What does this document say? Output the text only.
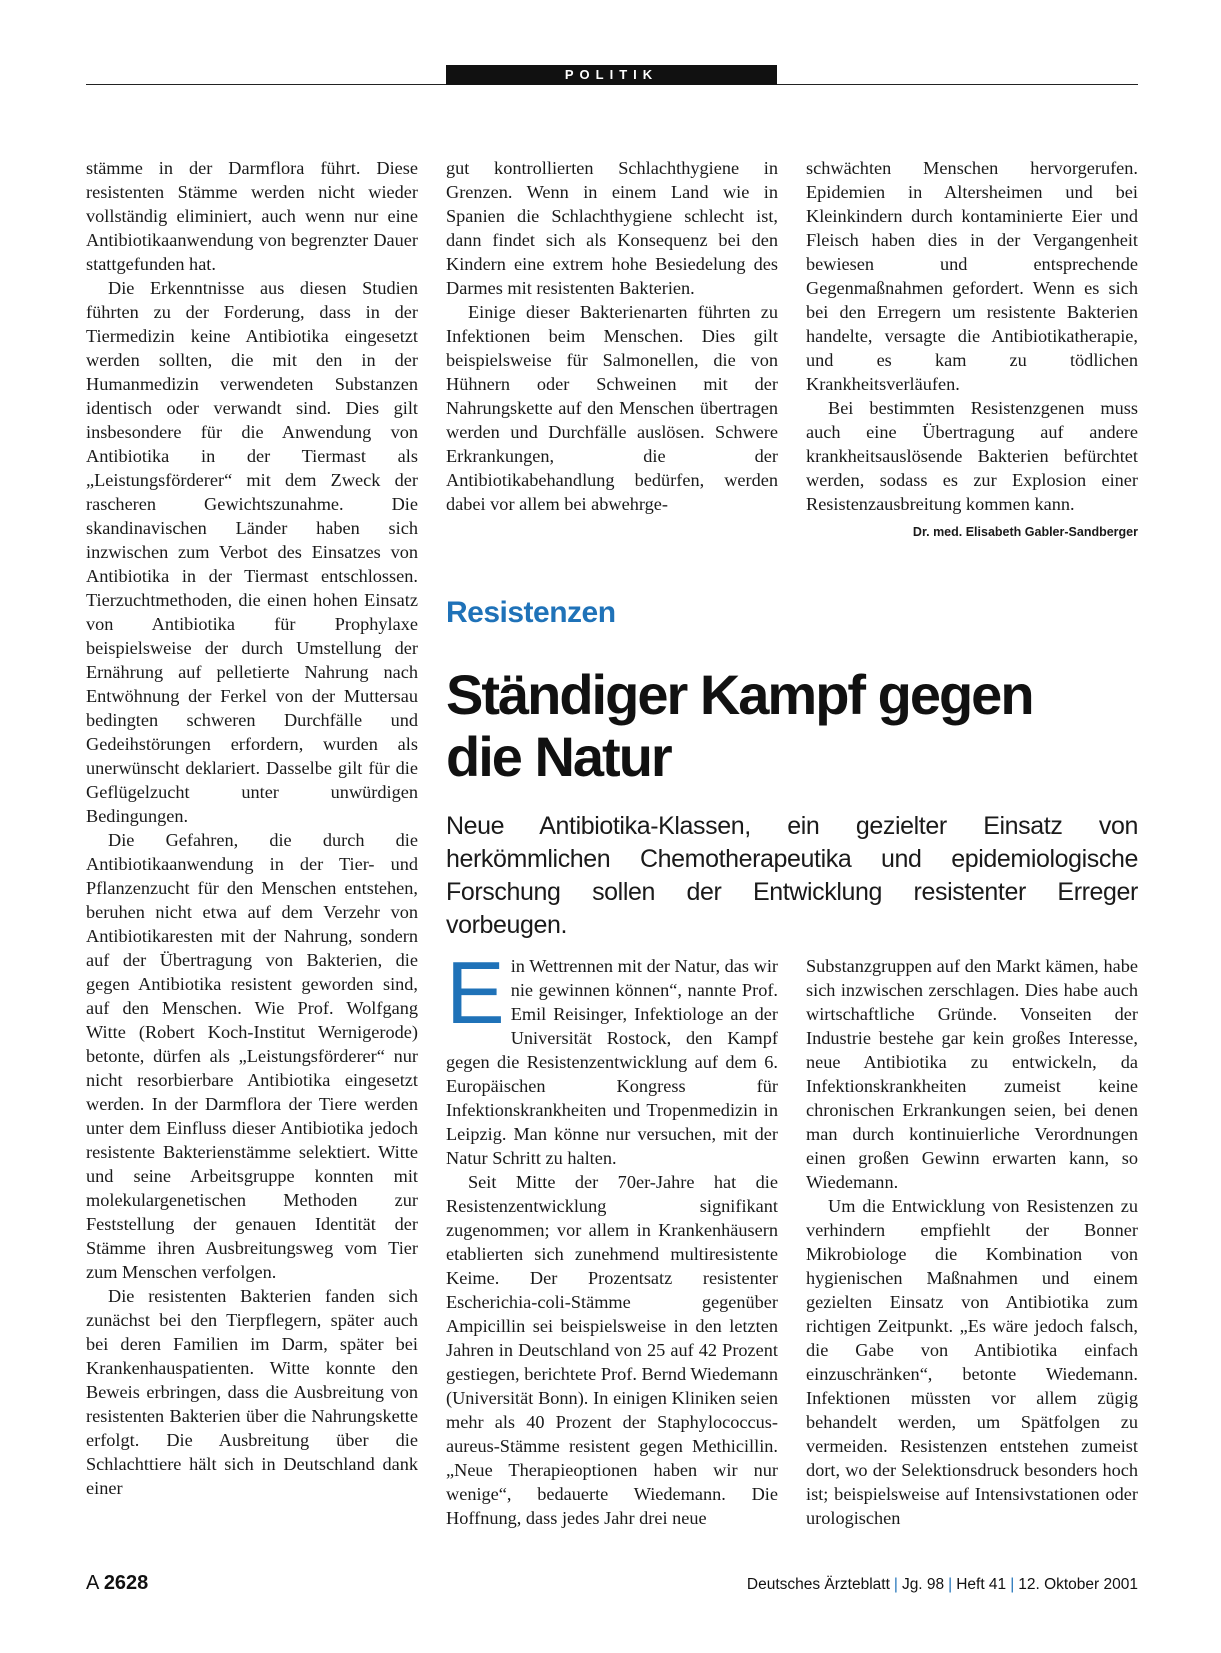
POLITIK

stämme in der Darmflora führt. Diese resistenten Stämme werden nicht wieder vollständig eliminiert, auch wenn nur eine Antibiotikaanwendung von begrenzter Dauer stattgefunden hat.

Die Erkenntnisse aus diesen Studien führten zu der Forderung, dass in der Tiermedizin keine Antibiotika eingesetzt werden sollten, die mit den in der Humanmedizin verwendeten Substanzen identisch oder verwandt sind. Dies gilt insbesondere für die Anwendung von Antibiotika in der Tiermast als „Leistungsförderer“ mit dem Zweck der rascheren Gewichtszunahme. Die skandinavischen Länder haben sich inzwischen zum Verbot des Einsatzes von Antibiotika in der Tiermast entschlossen. Tierzuchtmethoden, die einen hohen Einsatz von Antibiotika für Prophylaxe beispielsweise der durch Umstellung der Ernährung auf pelletierte Nahrung nach Entwöhnung der Ferkel von der Muttersau bedingten schweren Durchfälle und Gedeihstörungen erfordern, wurden als unerwünscht deklariert. Dasselbe gilt für die Geflügelzucht unter unwürdigen Bedingungen.

Die Gefahren, die durch die Antibiotikaanwendung in der Tier- und Pflanzenzucht für den Menschen entstehen, beruhen nicht etwa auf dem Verzehr von Antibiotikaresten mit der Nahrung, sondern auf der Übertragung von Bakterien, die gegen Antibiotika resistent geworden sind, auf den Menschen. Wie Prof. Wolfgang Witte (Robert Koch-Institut Wernigerode) betonte, dürfen als „Leistungsförderer“ nur nicht resorbierbare Antibiotika eingesetzt werden. In der Darmflora der Tiere werden unter dem Einfluss dieser Antibiotika jedoch resistente Bakterienstämme selektiert. Witte und seine Arbeitsgruppe konnten mit molekulargenetischen Methoden zur Feststellung der genauen Identität der Stämme ihren Ausbreitungsweg vom Tier zum Menschen verfolgen.

Die resistenten Bakterien fanden sich zunächst bei den Tierpflegern, später auch bei deren Familien im Darm, später bei Krankenhauspatienten. Witte konnte den Beweis erbringen, dass die Ausbreitung von resistenten Bakterien über die Nahrungskette erfolgt. Die Ausbreitung über die Schlachttiere hält sich in Deutschland dank einer

gut kontrollierten Schlachthygiene in Grenzen. Wenn in einem Land wie in Spanien die Schlachthygiene schlecht ist, dann findet sich als Konsequenz bei den Kindern eine extrem hohe Besiedelung des Darmes mit resistenten Bakterien.

Einige dieser Bakterienarten führten zu Infektionen beim Menschen. Dies gilt beispielsweise für Salmonellen, die von Hühnern oder Schweinen mit der Nahrungskette auf den Menschen übertragen werden und Durchfälle auslösen. Schwere Erkrankungen, die der Antibiotikabehandlung bedürfen, werden dabei vor allem bei abwehrge-

schwächten Menschen hervorgerufen. Epidemien in Altersheimen und bei Kleinkindern durch kontaminierte Eier und Fleisch haben dies in der Vergangenheit bewiesen und entsprechende Gegenmaßnahmen gefordert. Wenn es sich bei den Erregern um resistente Bakterien handelte, versagte die Antibiotikatherapie, und es kam zu tödlichen Krankheitsverläufen.

Bei bestimmten Resistenzgenen muss auch eine Übertragung auf andere krankheitsauslösende Bakterien befürchtet werden, sodass es zur Explosion einer Resistenzausbreitung kommen kann.
Dr. med. Elisabeth Gabler-Sandberger

Resistenzen
Ständiger Kampf gegen
die Natur
Neue Antibiotika-Klassen, ein gezielter Einsatz von herkömmlichen Chemotherapeutika und epidemiologische Forschung sollen der Entwicklung resistenter Erreger vorbeugen.

Ein Wettrennen mit der Natur, das wir nie gewinnen können“, nannte Prof. Emil Reisinger, Infektiologe an der Universität Rostock, den Kampf gegen die Resistenzentwicklung auf dem 6. Europäischen Kongress für Infektionskrankheiten und Tropenmedizin in Leipzig. Man könne nur versuchen, mit der Natur Schritt zu halten.

Seit Mitte der 70er-Jahre hat die Resistenzentwicklung signifikant zugenommen; vor allem in Krankenhäusern etablierten sich zunehmend multiresistente Keime. Der Prozentsatz resistenter Escherichia-coli-Stämme gegenüber Ampicillin sei beispielsweise in den letzten Jahren in Deutschland von 25 auf 42 Prozent gestiegen, berichtete Prof. Bernd Wiedemann (Universität Bonn). In einigen Kliniken seien mehr als 40 Prozent der Staphylococcus-aureus-Stämme resistent gegen Methicillin. „Neue Therapieoptionen haben wir nur wenige“, bedauerte Wiedemann. Die Hoffnung, dass jedes Jahr drei neue

Substanzgruppen auf den Markt kämen, habe sich inzwischen zerschlagen. Dies habe auch wirtschaftliche Gründe. Vonseiten der Industrie bestehe gar kein großes Interesse, neue Antibiotika zu entwickeln, da Infektionskrankheiten zumeist keine chronischen Erkrankungen seien, bei denen man durch kontinuierliche Verordnungen einen großen Gewinn erwarten kann, so Wiedemann.

Um die Entwicklung von Resistenzen zu verhindern empfiehlt der Bonner Mikrobiologe die Kombination von hygienischen Maßnahmen und einem gezielten Einsatz von Antibiotika zum richtigen Zeitpunkt. „Es wäre jedoch falsch, die Gabe von Antibiotika einfach einzuschränken“, betonte Wiedemann. Infektionen müssten vor allem zügig behandelt werden, um Spätfolgen zu vermeiden. Resistenzen entstehen zumeist dort, wo der Selektionsdruck besonders hoch ist; beispielsweise auf Intensivstationen oder urologischen

A 2628	Deutsches Ärzteblatt | Jg. 98 | Heft 41 | 12. Oktober 2001
